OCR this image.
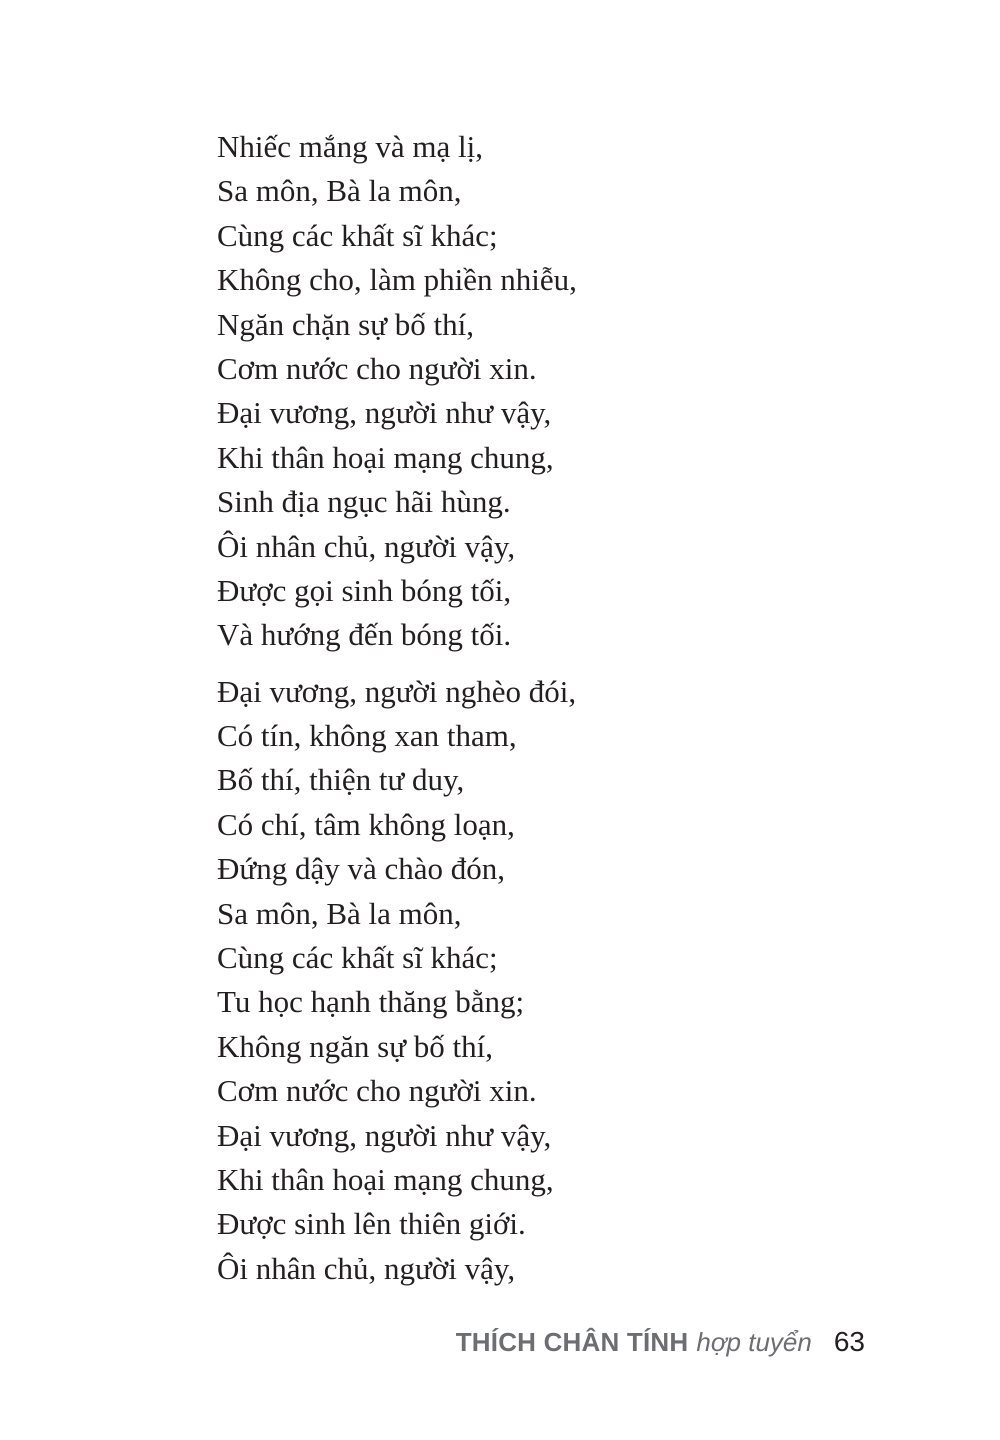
Nhiếc mắng và mạ lị,
Sa môn, Bà la môn,
Cùng các khất sĩ khác;
Không cho, làm phiền nhiễu,
Ngăn chặn sự bố thí,
Cơm nước cho người xin.
Đại vương, người như vậy,
Khi thân hoại mạng chung,
Sinh địa ngục hãi hùng.
Ôi nhân chủ, người vậy,
Được gọi sinh bóng tối,
Và hướng đến bóng tối.
Đại vương, người nghèo đói,
Có tín, không xan tham,
Bố thí, thiện tư duy,
Có chí, tâm không loạn,
Đứng dậy và chào đón,
Sa môn, Bà la môn,
Cùng các khất sĩ khác;
Tu học hạnh thăng bằng;
Không ngăn sự bố thí,
Cơm nước cho người xin.
Đại vương, người như vậy,
Khi thân hoại mạng chung,
Được sinh lên thiên giới.
Ôi nhân chủ, người vậy,
THÍCH CHÂN TÍNH hợp tuyển 63
